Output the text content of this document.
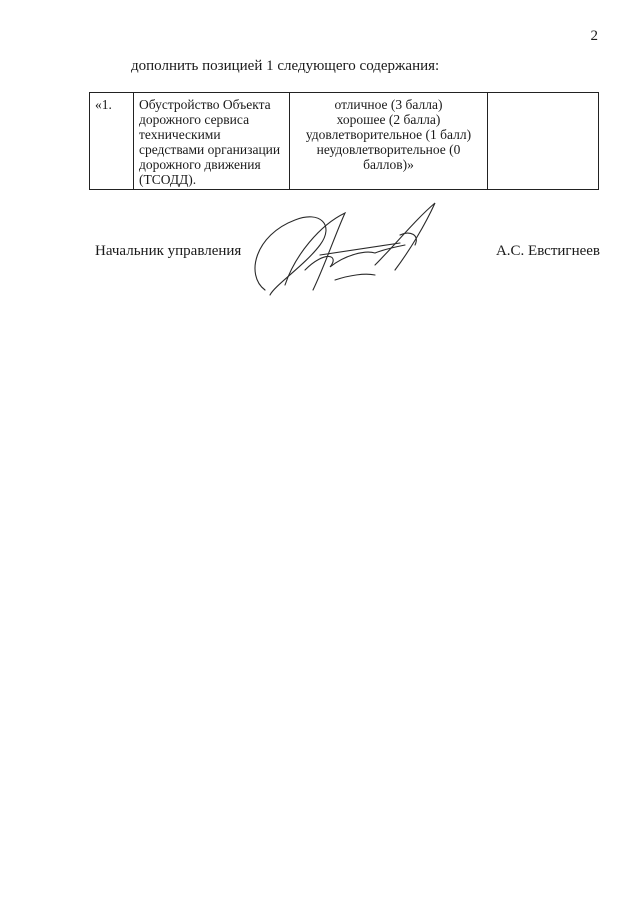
2
дополнить позицией 1 следующего содержания:
«1.	Обустройство Объекта
дорожного сервиса
техническими
средствами организации
дорожного движения
(ТСОДД).

отличное (3 балла)
хорошее (2 балла)
удовлетворительное (1 балл)
неудовлетворительное (0
баллов)»

Начальник управления	А.С. Евстигнеев
